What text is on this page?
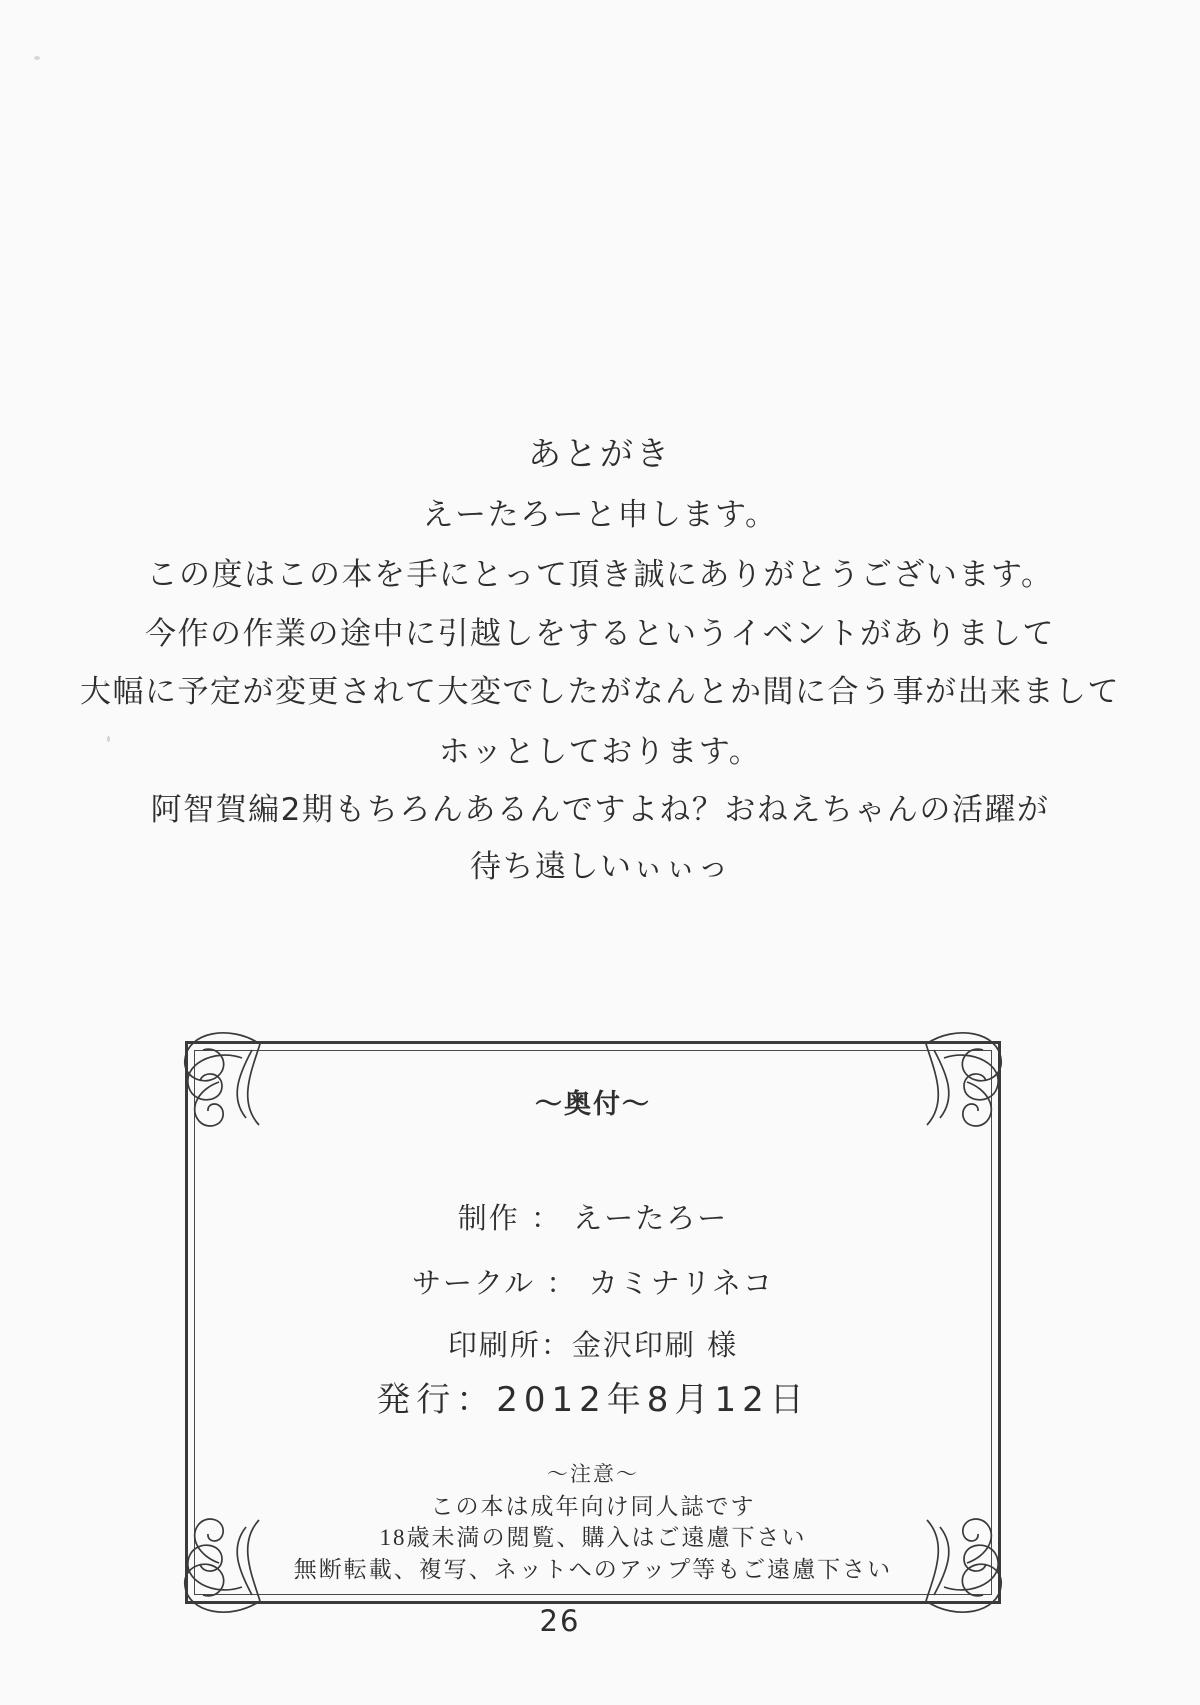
あとがき
えーたろーと申します。
この度はこの本を手にとって頂き誠にありがとうございます。
今作の作業の途中に引越しをするというイベントがありまして
大幅に予定が変更されて大変でしたがなんとか間に合う事が出来まして
ホッとしております。
阿智賀編2期もちろんあるんですよね？おねえちゃんの活躍が
待ち遠しいぃぃっ
～奥付～
制作 ： えーたろー
サークル ： カミナリネコ
印刷所：金沢印刷 様
発行：2012年8月12日
～注意～
この本は成年向け同人誌です
18歳未満の閲覧、購入はご遠慮下さい
無断転載、複写、ネットへのアップ等もご遠慮下さい
26
